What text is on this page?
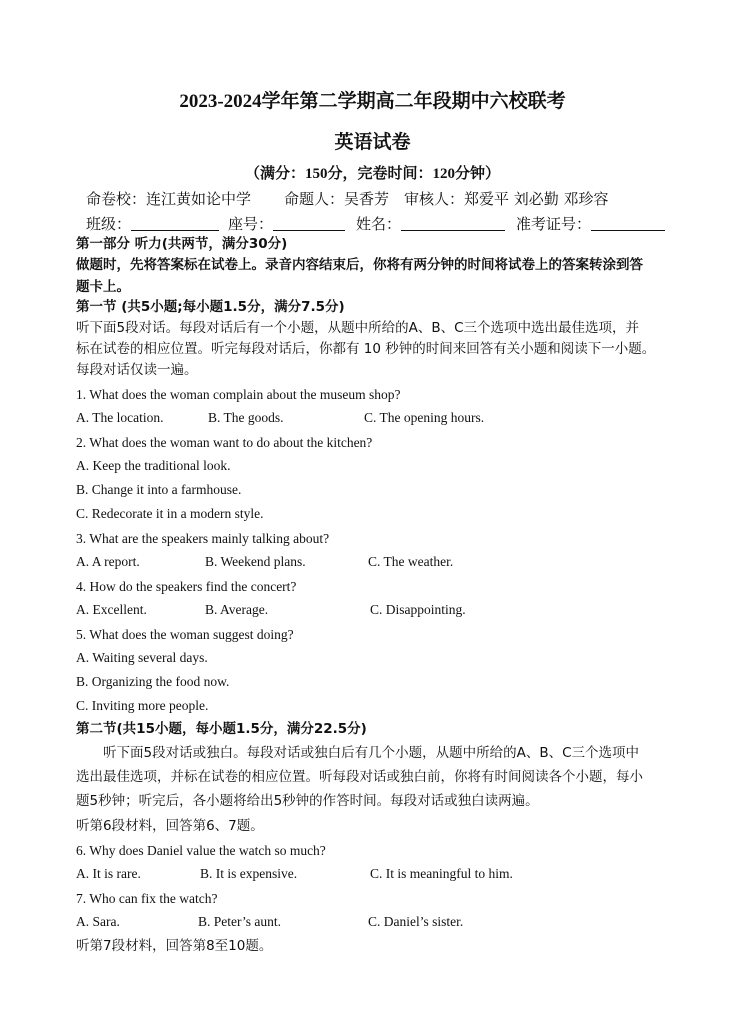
2023-2024学年第二学期高二年段期中六校联考
英语试卷
（满分：150分，完卷时间：120分钟）
命卷校：连江黄如论中学 命题人：吴香芳 审核人：郑爱平 刘必勤 邓珍容
班级：	座号：	姓名：	准考证号：
第一部分 听力(共两节，满分30分)
做题时，先将答案标在试卷上。录音内容结束后，你将有两分钟的时间将试卷上的答案转涂到答
题卡上。
第一节 (共5小题;每小题1.5分，满分7.5分)
听下面5段对话。每段对话后有一个小题，从题中所给的A、B、C三个选项中选出最佳选项，并
标在试卷的相应位置。听完每段对话后，你都有 10 秒钟的时间来回答有关小题和阅读下一小题。
每段对话仅读一遍。
1. What does the woman complain about the museum shop?
A. The location.	B. The goods.	C. The opening hours.
2. What does the woman want to do about the kitchen?
A. Keep the traditional look.
B. Change it into a farmhouse.
C. Redecorate it in a modern style.
3. What are the speakers mainly talking about?
A. A report.	B. Weekend plans.	C. The weather.
4. How do the speakers find the concert?
A. Excellent.	B. Average.	C. Disappointing.
5. What does the woman suggest doing?
A. Waiting several days.
B. Organizing the food now.
C. Inviting more people.
第二节(共15小题，每小题1.5分，满分22.5分)
听下面5段对话或独白。每段对话或独白后有几个小题，从题中所给的A、B、C三个选项中
选出最佳选项，并标在试卷的相应位置。听每段对话或独白前，你将有时间阅读各个小题，每小
题5秒钟；听完后，各小题将给出5秒钟的作答时间。每段对话或独白读两遍。
听第6段材料，回答第6、7题。
6. Why does Daniel value the watch so much?
A. It is rare.	B. It is expensive.	C. It is meaningful to him.
7. Who can fix the watch?
A. Sara.	B. Peter’s aunt.	C. Daniel’s sister.
听第7段材料，回答第8至10题。
